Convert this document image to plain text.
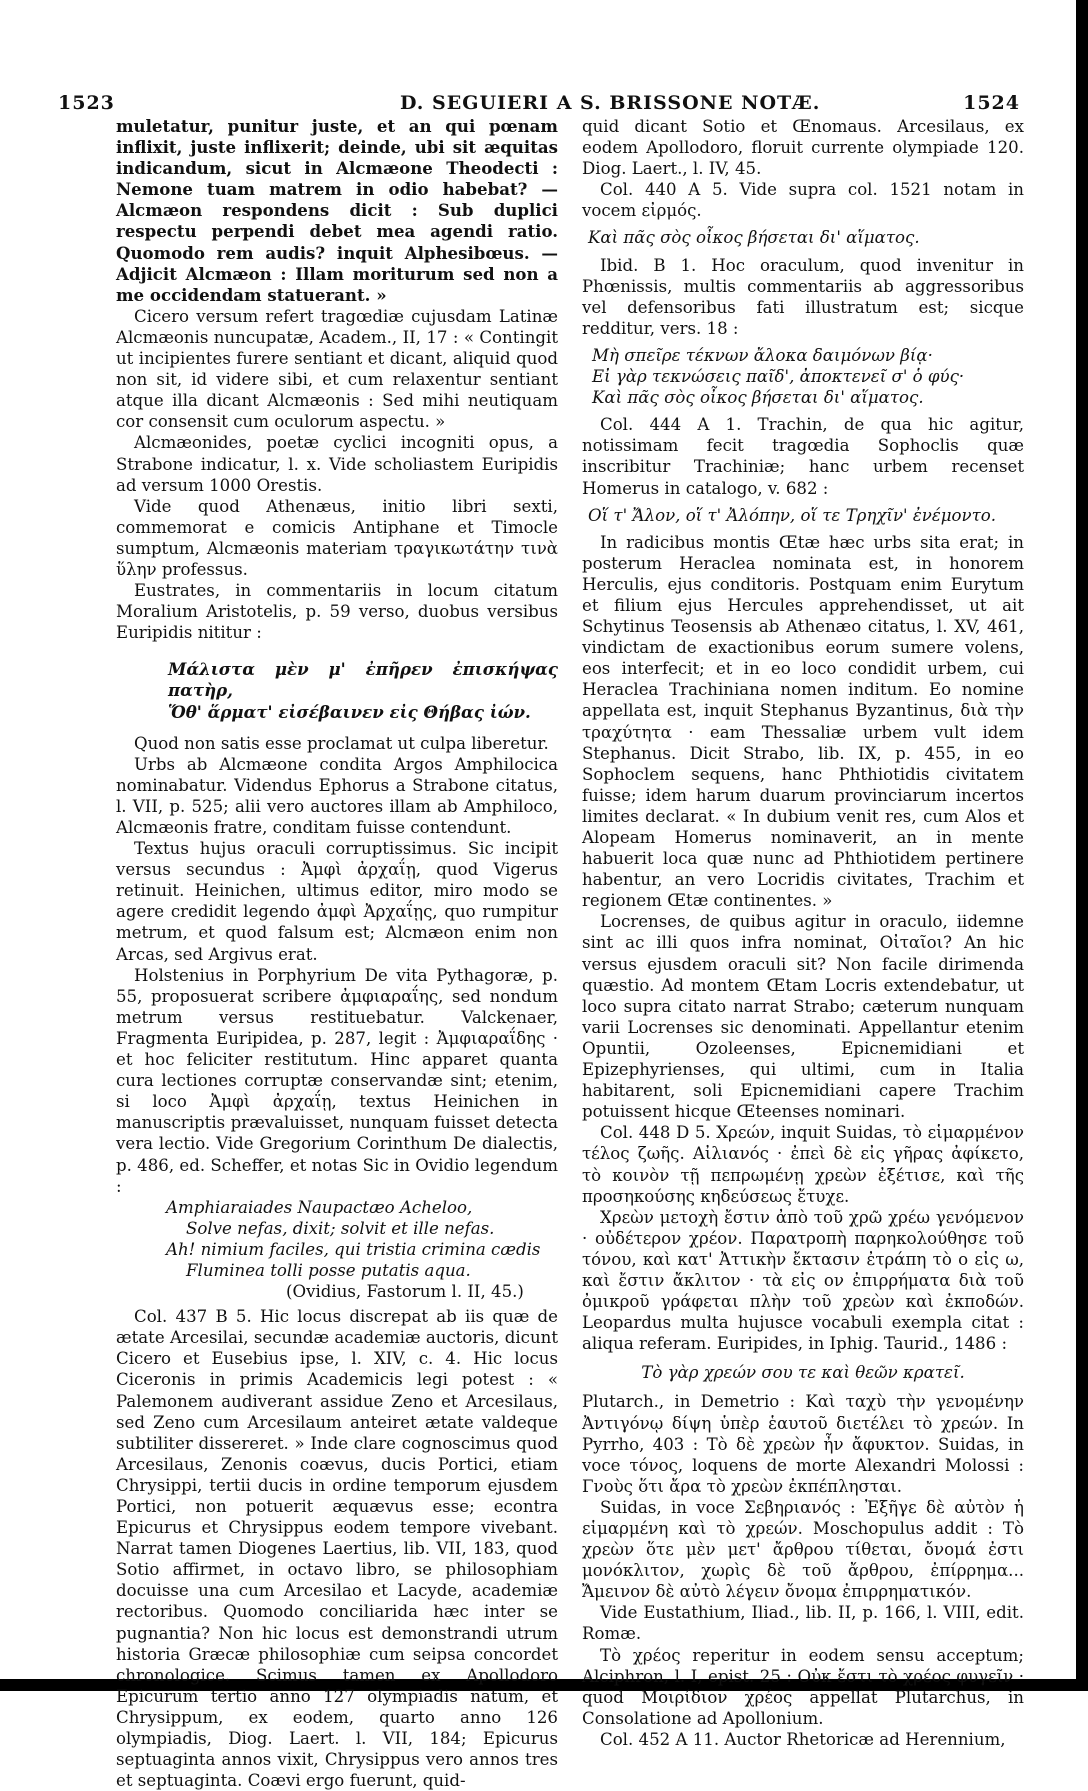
1523	D. SEGUIERI A S. BRISSONE NOTÆ.	1524

muletatur, punitur juste, et an qui pœnam inflixit, juste inflixerit; deinde, ubi sit æquitas indicandum, sicut in Alcmæone Theodecti : Nemone tuam matrem in odio habebat? — Alcmæon respondens dicit : Sub duplici respectu perpendi debet mea agendi ratio. Quomodo rem audis? inquit Alphesibœus. — Adjicit Alcmæon : Illam moriturum sed non a me occidendam statuerant. »

Cicero versum refert tragœdiæ cujusdam Latinæ Alcmæonis nuncupatæ, Academ., II, 17 : « Contingit ut incipientes furere sentiant et dicant, aliquid quod non sit, id videre sibi, et cum relaxentur sentiant atque illa dicant Alcmæonis : Sed mihi neutiquam cor consensit cum oculorum aspectu. »

Alcmæonides, poetæ cyclici incogniti opus, a Strabone indicatur, l. x. Vide scholiastem Euripidis ad versum 1000 Orestis.

Vide quod Athenæus, initio libri sexti, commemorat e comicis Antiphane et Timocle sumptum, Alcmæonis materiam τραγικωτάτην τινὰ ὕλην professus.

Eustrates, in commentariis in locum citatum Moralium Aristotelis, p. 59 verso, duobus versibus Euripidis nititur :

Μάλιστα μὲν μ' ἐπῆρεν ἐπισκήψας πατὴρ,
Ὅθ' ἅρματ' εἰσέβαινεν εἰς Θήβας ἰών.

Quod non satis esse proclamat ut culpa liberetur.

Urbs ab Alcmæone condita Argos Amphilocica nominabatur. Videndus Ephorus a Strabone citatus, l. VII, p. 525; alii vero auctores illam ab Amphiloco, Alcmæonis fratre, conditam fuisse contendunt.

Textus hujus oraculi corruptissimus. Sic incipit versus secundus : Ἀμφὶ ἀρχαΐῃ, quod Vigerus retinuit. Heinichen, ultimus editor, miro modo se agere credidit legendo ἀμφὶ Ἀρχαΐῃς, quo rumpitur metrum, et quod falsum est; Alcmæon enim non Arcas, sed Argivus erat.

Holstenius in Porphyrium De vita Pythagoræ, p. 55, proposuerat scribere ἀμφιαραΐης, sed nondum metrum versus restituebatur. Valckenaer, Fragmenta Euripidea, p. 287, legit : Ἀμφιαραΐδης · et hoc feliciter restitutum. Hinc apparet quanta cura lectiones corruptæ conservandæ sint; etenim, si loco Ἀμφὶ ἀρχαΐῃ, textus Heinichen in manuscriptis prævaluisset, nunquam fuisset detecta vera lectio. Vide Gregorium Corinthum De dialectis, p. 486, ed. Scheffer, et notas Sic in Ovidio legendum :

Amphiaraiades Naupactæo Acheloo,
Solve nefas, dixit; solvit et ille nefas.
Ah! nimium faciles, qui tristia crimina cædis
Fluminea tolli posse putatis aqua.
(Ovidius, Fastorum l. II, 45.)

Col. 437 B 5. Hic locus discrepat ab iis quæ de ætate Arcesilai, secundæ academiæ auctoris, dicunt Cicero et Eusebius ipse, l. XIV, c. 4. Hic locus Ciceronis in primis Academicis legi potest : « Palemonem audiverant assidue Zeno et Arcesilaus, sed Zeno cum Arcesilaum anteiret ætate valdeque subtiliter dissereret. » Inde clare cognoscimus quod Arcesilaus, Zenonis coævus, ducis Portici, etiam Chrysippi, tertii ducis in ordine temporum ejusdem Portici, non potuerit æquævus esse; econtra Epicurus et Chrysippus eodem tempore vivebant. Narrat tamen Diogenes Laertius, lib. VII, 183, quod Sotio affirmet, in octavo libro, se philosophiam docuisse una cum Arcesilao et Lacyde, academiæ rectoribus. Quomodo conciliarida hæc inter se pugnantia? Non hic locus est demonstrandi utrum historia Græcæ philosophiæ cum seipsa concordet chronologice. Scimus tamen ex Apollodoro Epicurum tertio anno 127 olympiadis natum, et Chrysippum, ex eodem, quarto anno 126 olympiadis, Diog. Laert. l. VII, 184; Epicurus septuaginta annos vixit, Chrysippus vero annos tres et septuaginta. Coævi ergo fuerunt, quid-

quid dicant Sotio et Œnomaus. Arcesilaus, ex eodem Apollodoro, floruit currente olympiade 120. Diog. Laert., l. IV, 45.

Col. 440 A 5. Vide supra col. 1521 notam in vocem εἰρμός.

Καὶ πᾶς σὸς οἶκος βήσεται δι' αἵματος.

Ibid. B 1. Hoc oraculum, quod invenitur in Phœnissis, multis commentariis ab aggressoribus vel defensoribus fati illustratum est; sicque redditur, vers. 18 :

Μὴ σπεῖρε τέκνων ἄλοκα δαιμόνων βίᾳ·
Εἰ γὰρ τεκνώσεις παῖδ', ἀποκτενεῖ σ' ὁ φύς·
Καὶ πᾶς σὸς οἶκος βήσεται δι' αἵματος.

Col. 444 A 1. Trachin, de qua hic agitur, notissimam fecit tragœdia Sophoclis quæ inscribitur Trachiniæ; hanc urbem recenset Homerus in catalogo, v. 682 :

Οἵ τ' Ἄλον, οἵ τ' Ἀλόπην, οἵ τε Τρηχῖν' ἐνέμοντο.

In radicibus montis Œtæ hæc urbs sita erat; in posterum Heraclea nominata est, in honorem Herculis, ejus conditoris. Postquam enim Eurytum et filium ejus Hercules apprehendisset, ut ait Schytinus Teosensis ab Athenæo citatus, l. XV, 461, vindictam de exactionibus eorum sumere volens, eos interfecit; et in eo loco condidit urbem, cui Heraclea Trachiniana nomen inditum. Eo nomine appellata est, inquit Stephanus Byzantinus, διὰ τὴν τραχύτητα · eam Thessaliæ urbem vult idem Stephanus. Dicit Strabo, lib. IX, p. 455, in eo Sophoclem sequens, hanc Phthiotidis civitatem fuisse; idem harum duarum provinciarum incertos limites declarat. « In dubium venit res, cum Alos et Alopeam Homerus nominaverit, an in mente habuerit loca quæ nunc ad Phthiotidem pertinere habentur, an vero Locridis civitates, Trachim et regionem Œtæ continentes. »

Locrenses, de quibus agitur in oraculo, iidemne sint ac illi quos infra nominat, Οἰταῖοι? An hic versus ejusdem oraculi sit? Non facile dirimenda quæstio. Ad montem Œtam Locris extendebatur, ut loco supra citato narrat Strabo; cæterum nunquam varii Locrenses sic denominati. Appellantur etenim Opuntii, Ozoleenses, Epicnemidiani et Epizephyrienses, qui ultimi, cum in Italia habitarent, soli Epicnemidiani capere Trachim potuissent hicque Œteenses nominari.

Col. 448 D 5. Χρεών, inquit Suidas, τὸ εἱμαρμένον τέλος ζωῆς. Αἰλιανός · ἐπεὶ δὲ εἰς γῆρας ἀφίκετο, τὸ κοινὸν τῇ πεπρωμένῃ χρεὼν ἐξέτισε, καὶ τῆς προσηκούσης κηδεύσεως ἔτυχε.

Χρεὼν μετοχὴ ἔστιν ἀπὸ τοῦ χρῶ χρέω γενόμενον · οὐδέτερον χρέον. Παρατροπὴ παρηκολούθησε τοῦ τόνου, καὶ κατ' Ἀττικὴν ἔκτασιν ἐτράπη τὸ ο εἰς ω, καὶ ἔστιν ἄκλιτον · τὰ εἰς ον ἐπιρρήματα διὰ τοῦ ὀμικροῦ γράφεται πλὴν τοῦ χρεὼν καὶ ἐκποδών. Leopardus multa hujusce vocabuli exempla citat : aliqua referam. Euripides, in Iphig. Taurid., 1486 :

Τὸ γὰρ χρεών σου τε καὶ θεῶν κρατεῖ.

Plutarch., in Demetrio : Καὶ ταχὺ τὴν γενομένην Ἀντιγόνῳ δίψη ὑπὲρ ἑαυτοῦ διετέλει τὸ χρεών. In Pyrrho, 403 : Τὸ δὲ χρεὼν ἦν ἄφυκτον. Suidas, in voce τόνος, loquens de morte Alexandri Molossi : Γνοὺς ὅτι ἄρα τὸ χρεὼν ἐκπέπλησται.

Suidas, in voce Σεβηριανός : Ἐξῆγε δὲ αὐτὸν ἡ εἱμαρμένη καὶ τὸ χρεών. Moschopulus addit : Τὸ χρεὼν ὅτε μὲν μετ' ἄρθρου τίθεται, ὄνομά ἐστι μονόκλιτον, χωρὶς δὲ τοῦ ἄρθρου, ἐπίρρημα... Ἄμεινον δὲ αὐτὸ λέγειν ὄνομα ἐπιρρηματικόν.

Vide Eustathium, Iliad., lib. II, p. 166, l. VIII, edit. Romæ.

Τὸ χρέος reperitur in eodem sensu acceptum; Alciphron, l. I, epist. 25 : Οὐκ ἔστι τὸ χρέος φυγεῖν · quod Μοιρίδιον χρέος appellat Plutarchus, in Consolatione ad Apollonium.

Col. 452 A 11. Auctor Rhetoricæ ad Herennium,
